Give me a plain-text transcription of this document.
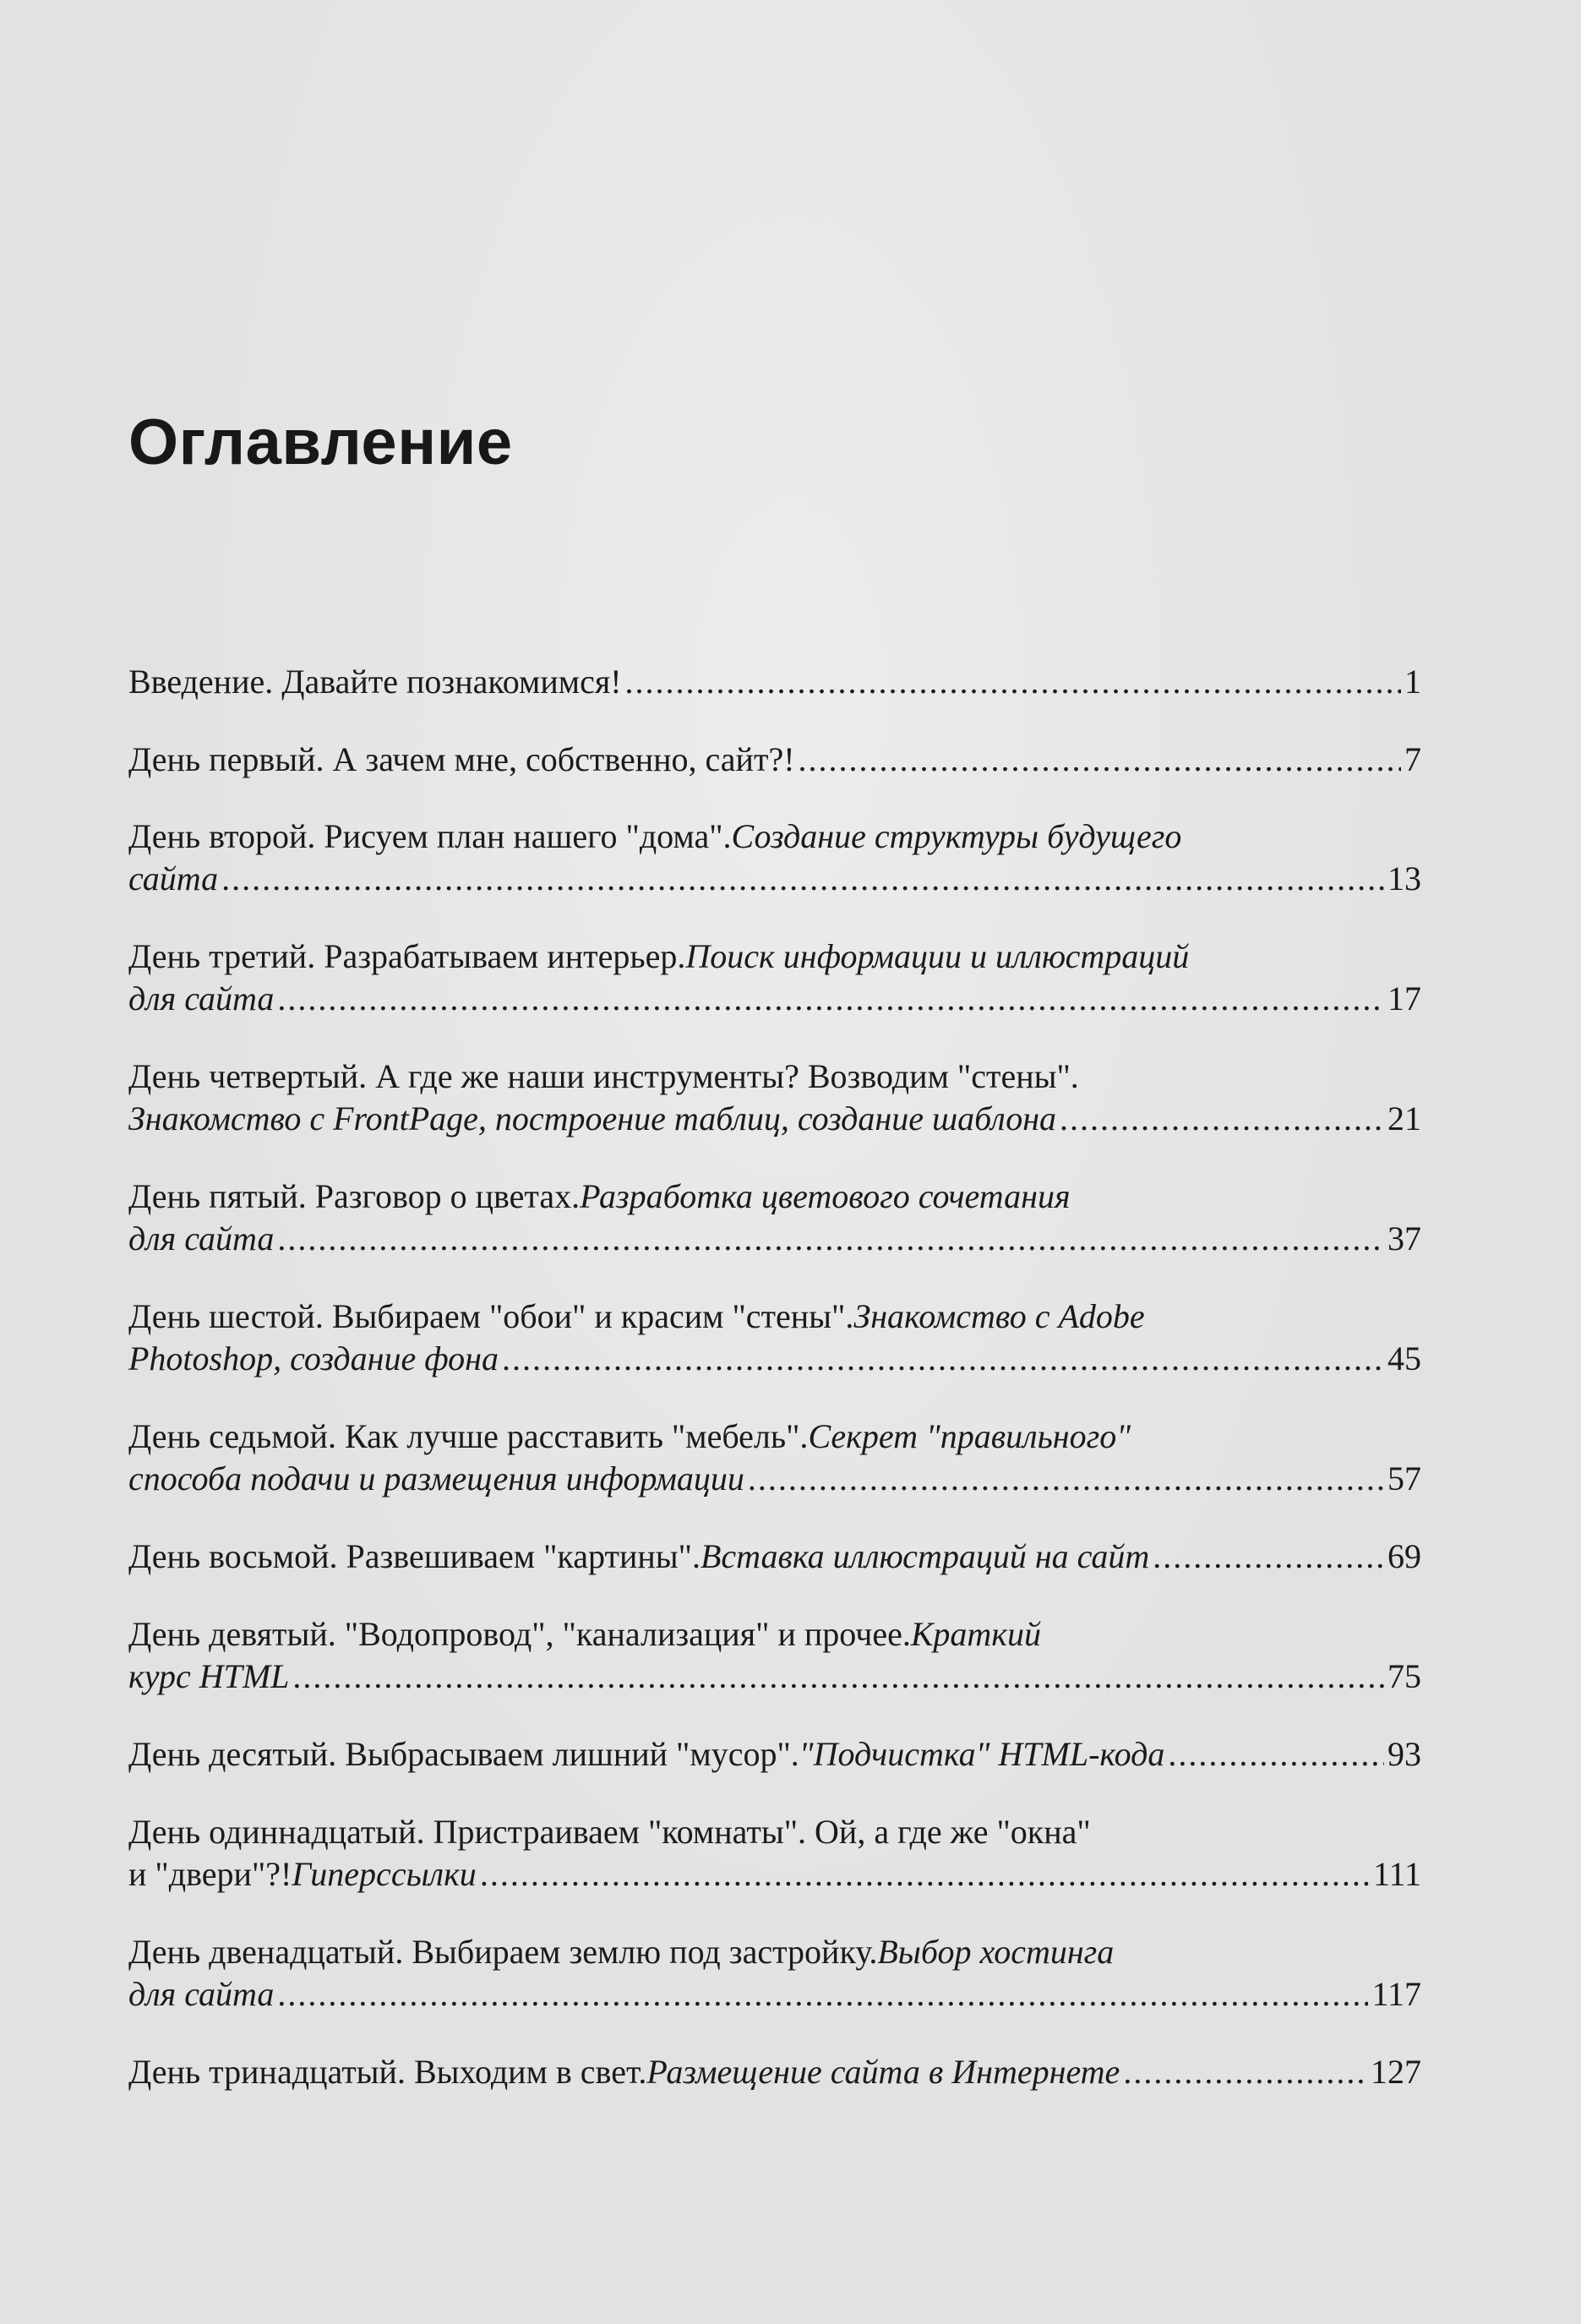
Оглавление
Введение. Давайте познакомимся! .....	1
День первый. А зачем мне, собственно, сайт?! .....	7
День второй. Рисуем план нашего "дома". Создание структуры будущего
сайта .....	13
День третий. Разрабатываем интерьер. Поиск информации и иллюстраций
для сайта .....	17
День четвертый. А где же наши инструменты? Возводим "стены".
Знакомство с FrontPage, построение таблиц, создание шаблона .....	21
День пятый. Разговор о цветах. Разработка цветового сочетания
для сайта .....	37
День шестой. Выбираем "обои" и красим "стены". Знакомство с Adobe
Photoshop, создание фона .....	45
День седьмой. Как лучше расставить "мебель". Секрет "правильного"
способа подачи и размещения информации .....	57
День восьмой. Развешиваем "картины". Вставка иллюстраций на сайт .....	69
День девятый. "Водопровод", "канализация" и прочее. Краткий
курс HTML .....	75
День десятый. Выбрасываем лишний "мусор". "Подчистка" HTML-кода .....	93
День одиннадцатый. Пристраиваем "комнаты". Ой, а где же "окна"
и "двери"?! Гиперссылки .....	111
День двенадцатый. Выбираем землю под застройку. Выбор хостинга
для сайта .....	117
День тринадцатый. Выходим в свет. Размещение сайта в Интернете .....	127
